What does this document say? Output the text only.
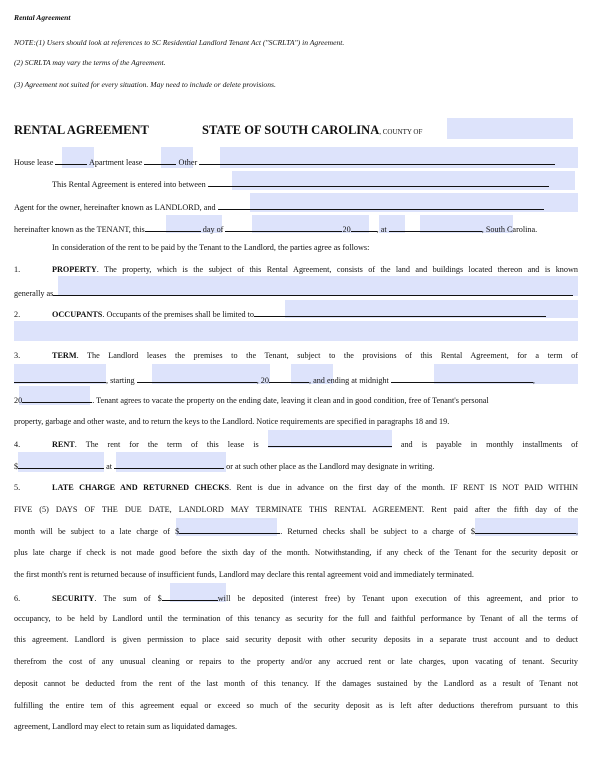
Rental Agreement
NOTE:(1) Users should look at references to SC Residential Landlord Tenant Act ("SCRLTA") in Agreement.
(2) SCRLTA may vary the terms of the Agreement.
(3) Agreement not suited for every situation. May need to include or delete provisions.
RENTAL AGREEMENT	STATE OF SOUTH CAROLINA, COUNTY OF
House lease	Apartment lease	Other
This Rental Agreement is entered into between
Agent for the owner, hereinafter known as LANDLORD, and
hereinafter known as the TENANT, this	day of	20	, at	, South Carolina.
In consideration of the rent to be paid by the Tenant to the Landlord, the parties agree as follows:
1.	PROPERTY. The property, which is the subject of this Rental Agreement, consists of the land and buildings located thereon and is known
generally as
2.	OCCUPANTS. Occupants of the premises shall be limited to
3.	TERM. The Landlord leases the premises to the Tenant, subject to the provisions of this Rental Agreement, for a term of
, starting	, 20	, and ending at midnight	,
20	. Tenant agrees to vacate the property on the ending date, leaving it clean and in good condition, free of Tenant's personal
property, garbage and other waste, and to return the keys to the Landlord. Notice requirements are specified in paragraphs 18 and 19.
4.	RENT. The rent for the term of this lease is	and is payable in monthly installments of
$	at	or at such other place as the Landlord may designate in writing.
5.	LATE CHARGE AND RETURNED CHECKS. Rent is due in advance on the first day of the month. IF RENT IS NOT PAID WITHIN
FIVE (5) DAYS OF THE DUE DATE, LANDLORD MAY TERMINATE THIS RENTAL AGREEMENT. Rent paid after the fifth day of the
month will be subject to a late charge of $	. Returned checks shall be subject to a charge of $	,
plus late charge if check is not made good before the sixth day of the month. Notwithstanding, if any check of the Tenant for the security deposit or
the first month's rent is returned because of insufficient funds, Landlord may declare this rental agreement void and immediately terminated.
6.	SECURITY. The sum of $	will be deposited (interest free) by Tenant upon execution of this agreement, and prior to
occupancy, to be held by Landlord until the termination of this tenancy as security for the full and faithful performance by Tenant of all the terms of
this agreement. Landlord is given permission to place said security deposit with other security deposits in a separate trust account and to deduct
therefrom the cost of any unusual cleaning or repairs to the property and/or any accrued rent or late charges, upon vacating of tenant. Security
deposit cannot be deducted from the rent of the last month of this tenancy. If the damages sustained by the Landlord as a result of Tenant not
fulfilling the entire tem of this agreement equal or exceed so much of the security deposit as is left after deductions therefrom pursuant to this
agreement, Landlord may elect to retain sum as liquidated damages.
